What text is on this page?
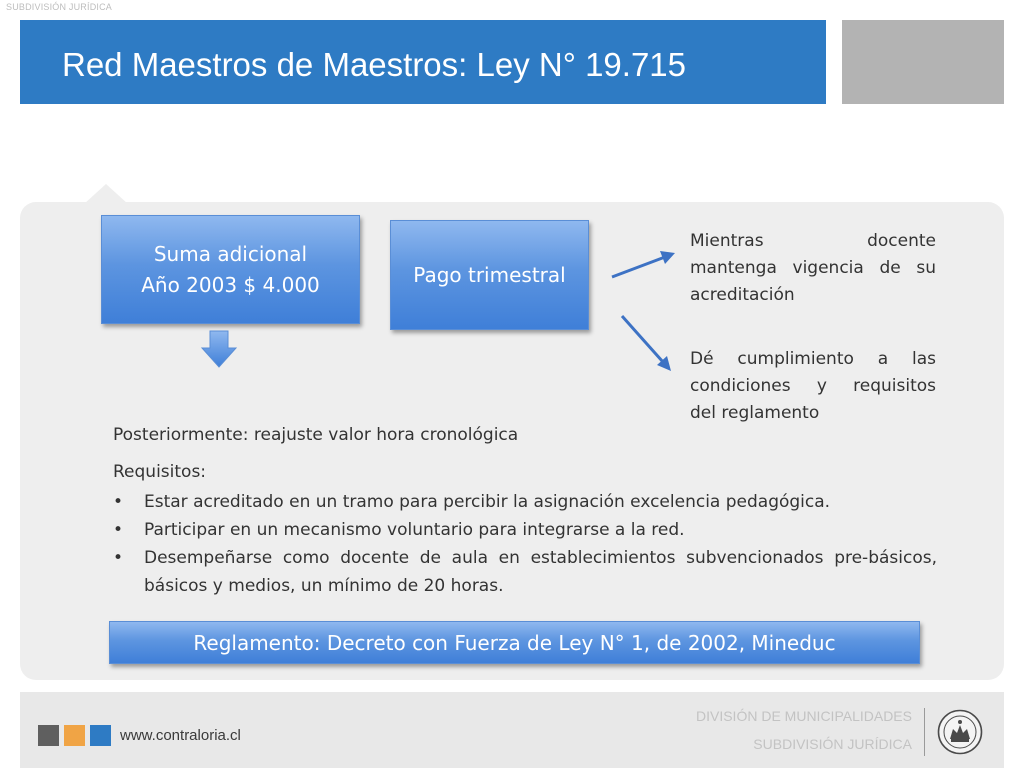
SUBDIVISIÓN JURÍDICA
Red Maestros de Maestros: Ley N° 19.715
Suma adicional
Año 2003 $ 4.000	Pago trimestral
Mientras docente
mantenga vigencia de su
acreditación
Dé cumplimiento a las
condiciones y requisitos
del reglamento
Posteriormente: reajuste valor hora cronológica
Requisitos:
• Estar acreditado en un tramo para percibir la asignación excelencia pedagógica.
• Participar en un mecanismo voluntario para integrarse a la red.
• Desempeñarse como docente de aula en establecimientos subvencionados pre-básicos, básicos y medios, un mínimo de 20 horas.
Reglamento: Decreto con Fuerza de Ley N° 1, de 2002, Mineduc
www.contraloria.cl
DIVISIÓN DE MUNICIPALIDADES
SUBDIVISIÓN JURÍDICA
